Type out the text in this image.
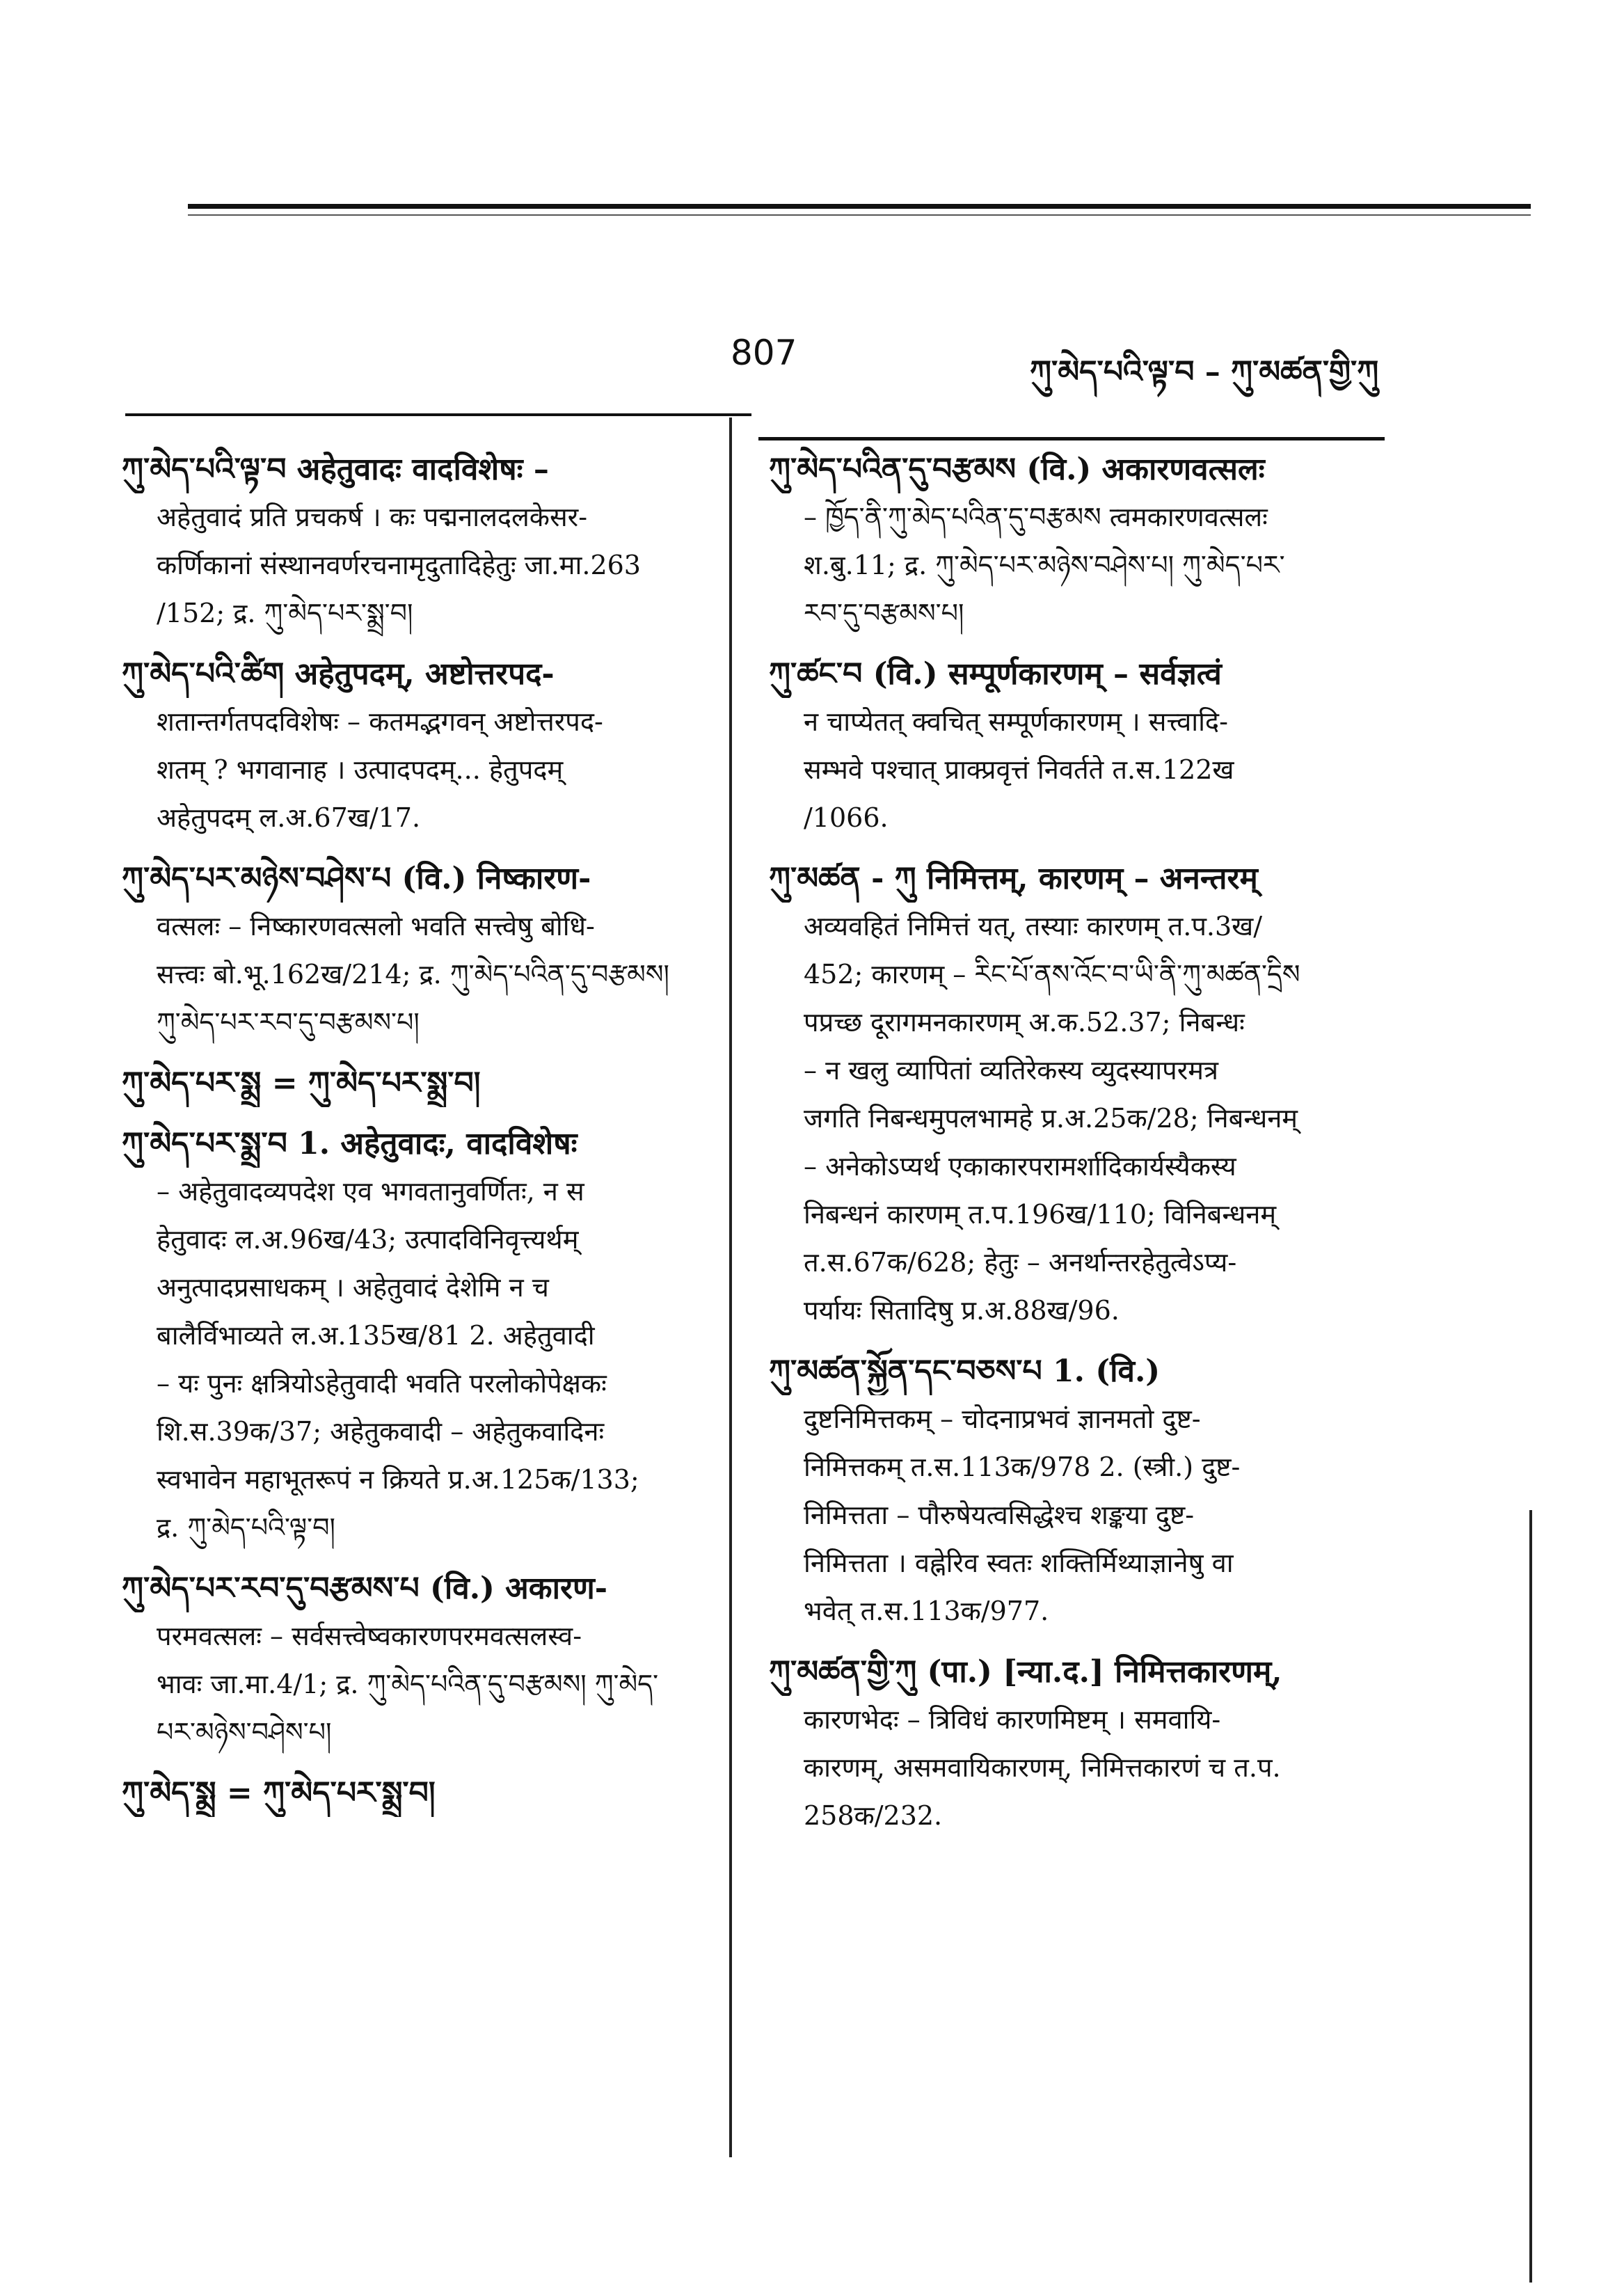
807	ཀུ་མེད་པའི་ལྟ་བ – ཀུ་མཚན་གྱི་ཀུ
ཀུ་མེད་པའི་ལྟ་བ अहेतुवादः वादविशेषः –
अहेतुवादं प्रति प्रचकर्ष । कः पद्मनालदलकेसर-
कर्णिकानां संस्थानवर्णरचनामृदुतादिहेतुः जा.मा.263
/152; द्र. ཀུ་མེད་པར་སྨྲ་བ།
ཀུ་མེད་པའི་ཚིག अहेतुपदम्, अष्टोत्तरपद-
शतान्तर्गतपदविशेषः – कतमद्भगवन् अष्टोत्तरपद-
शतम् ? भगवानाह । उत्पादपदम्... हेतुपदम्
अहेतुपदम् ल.अ.67ख/17.
ཀུ་མེད་པར་མཉེས་བཤེས་པ (वि.) निष्कारण-
वत्सलः – निष्कारणवत्सलो भवति सत्त्वेषु बोधि-
सत्त्वः बो.भू.162ख/214; द्र. ཀུ་མེད་པའིན་དུ་བརྩམས།
ཀུ་མེད་པར་རབ་དུ་བརྩམས་པ།
ཀུ་མེད་པར་སྨྲ = ཀུ་མེད་པར་སྨྲ་བ།
ཀུ་མེད་པར་སྨྲ་བ 1. अहेतुवादः, वादविशेषः
– अहेतुवादव्यपदेश एव भगवतानुवर्णितः, न स
हेतुवादः ल.अ.96ख/43; उत्पादविनिवृत्त्यर्थम्
अनुत्पादप्रसाधकम् । अहेतुवादं देशेमि न च
बालैर्विभाव्यते ल.अ.135ख/81 2. अहेतुवादी
– यः पुनः क्षत्रियोऽहेतुवादी भवति परलोकोपेक्षकः
शि.स.39क/37; अहेतुकवादी – अहेतुकवादिनः
स्वभावेन महाभूतरूपं न क्रियते प्र.अ.125क/133;
द्र. ཀུ་མེད་པའི་ལྟ་བ།
ཀུ་མེད་པར་རབ་དུ་བརྩམས་པ (वि.) अकारण-
परमवत्सलः – सर्वसत्त्वेष्वकारणपरमवत्सलस्व-
भावः जा.मा.4/1; द्र. ཀུ་མེད་པའིན་དུ་བརྩམས། ཀུ་མེད་
པར་མཉེས་བཤེས་པ།
ཀུ་མེད་སྨྲ = ཀུ་མེད་པར་སྨྲ་བ།
ཀུ་མེད་པའིན་དུ་བརྩམས (वि.) अकारणवत्सलः
– ཁྱོད་ནི་ཀུ་མེད་པའིན་དུ་བརྩམས त्वमकारणवत्सलः
श.बु.11; द्र. ཀུ་མེད་པར་མཉེས་བཤེས་པ། ཀུ་མེད་པར་
རབ་དུ་བརྩམས་པ།
ཀུ་ཚང་བ (वि.) सम्पूर्णकारणम् – सर्वज्ञत्वं
न चाप्येतत् क्वचित् सम्पूर्णकारणम् । सत्त्वादि-
सम्भवे पश्चात् प्राक्प्रवृत्तं निवर्तते त.स.122ख
/1066.
ཀུ་མཚན - ཀུ निमित्तम्, कारणम् – अनन्तरम्
अव्यवहितं निमित्तं यत्, तस्याः कारणम् त.प.3ख/
452; कारणम् – རིང་པོ་ནས་འོང་བ་ཡི་ནི་ཀུ་མཚན་དྲིས
पप्रच्छ दूरागमनकारणम् अ.क.52.37; निबन्धः
– न खलु व्यापितां व्यतिरेकस्य व्युदस्यापरमत्र
जगति निबन्धमुपलभामहे प्र.अ.25क/28; निबन्धनम्
– अनेकोऽप्यर्थ एकाकारपरामर्शादिकार्यस्यैकस्य
निबन्धनं कारणम् त.प.196ख/110; विनिबन्धनम्
त.स.67क/628; हेतुः – अनर्थान्तरहेतुत्वेऽप्य-
पर्यायः सितादिषु प्र.अ.88ख/96.
ཀུ་མཚན་སྐྱོན་དང་བཅས་པ 1. (वि.)
दुष्टनिमित्तकम् – चोदनाप्रभवं ज्ञानमतो दुष्ट-
निमित्तकम् त.स.113क/978 2. (स्त्री.) दुष्ट-
निमित्तता – पौरुषेयत्वसिद्धेश्च शङ्कया दुष्ट-
निमित्तता । वह्नेरिव स्वतः शक्तिर्मिथ्याज्ञानेषु वा
भवेत् त.स.113क/977.
ཀུ་མཚན་གྱི་ཀུ (पा.) [न्या.द.] निमित्तकारणम्,
कारणभेदः – त्रिविधं कारणमिष्टम् । समवायि-
कारणम्, असमवायिकारणम्, निमित्तकारणं च त.प.
258क/232.
